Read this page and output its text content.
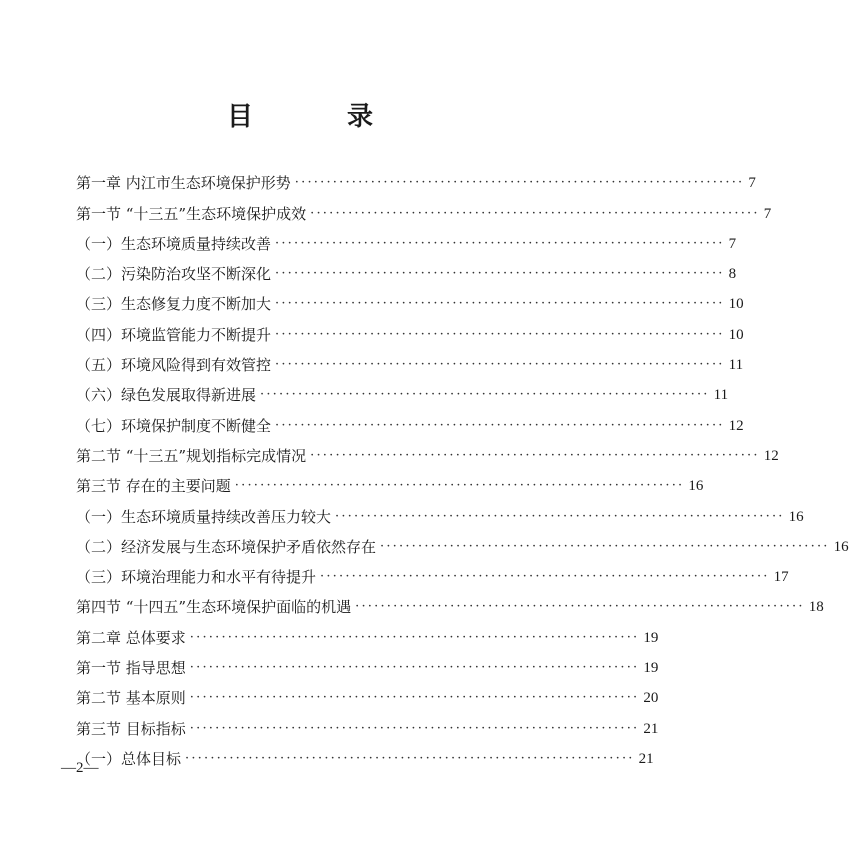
目　录
第一章 内江市生态环境保护形势 ······································································· 7
第一节 “十三五”生态环境保护成效 ······································································· 7
（一）生态环境质量持续改善 ······································································· 7
（二）污染防治攻坚不断深化 ······································································· 8
（三）生态修复力度不断加大 ······································································· 10
（四）环境监管能力不断提升 ······································································· 10
（五）环境风险得到有效管控 ······································································· 11
（六）绿色发展取得新进展 ······································································· 11
（七）环境保护制度不断健全 ······································································· 12
第二节 “十三五”规划指标完成情况 ······································································· 12
第三节 存在的主要问题 ······································································· 16
（一）生态环境质量持续改善压力较大 ······································································· 16
（二）经济发展与生态环境保护矛盾依然存在 ······································································· 16
（三）环境治理能力和水平有待提升 ······································································· 17
第四节 “十四五”生态环境保护面临的机遇 ······································································· 18
第二章 总体要求 ······································································· 19
第一节 指导思想 ······································································· 19
第二节 基本原则 ······································································· 20
第三节 目标指标 ······································································· 21
（一）总体目标 ······································································· 21
—2—
